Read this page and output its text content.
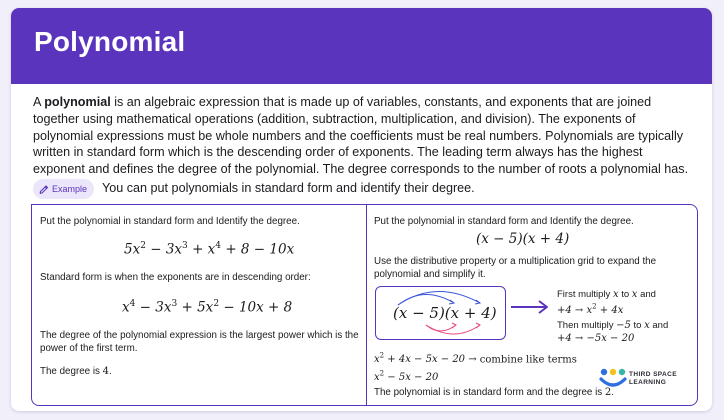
Polynomial

A polynomial is an algebraic expression that is made up of variables, constants, and exponents that are joined together using mathematical operations (addition, subtraction, multiplication, and division). The exponents of polynomial expressions must be whole numbers and the coefficients must be real numbers. Polynomials are typically written in standard form which is the descending order of exponents. The leading term always has the highest exponent and defines the degree of the polynomial. The degree corresponds to the number of roots a polynomial has.

Example You can put polynomials in standard form and identify their degree.
Put the polynomial in standard form and Identify the degree.
$5x^2 - 3x^3 + x^4 + 8 - 10x$
Standard form is when the exponents are in descending order:
$x^4 - 3x^3 + 5x^2 - 10x + 8$
The degree of the polynomial expression is the largest power which is the power of the first term.
The degree is 4.
Put the polynomial in standard form and Identify the degree.
(x − 5)(x + 4)
Use the distributive property or a multiplication grid to expand the polynomial and simplify it.
(x − 5)(x + 4)
First multiply x to x and
$+4 \to x^2 + 4x$
Then multiply −5 to x and
+4 → −5x − 20
$x^2 + 4x - 5x - 20$ → combine like terms
$x^2 - 5x - 20$
The polynomial is in standard form and the degree is 2.
THIRD SPACE
LEARNING
